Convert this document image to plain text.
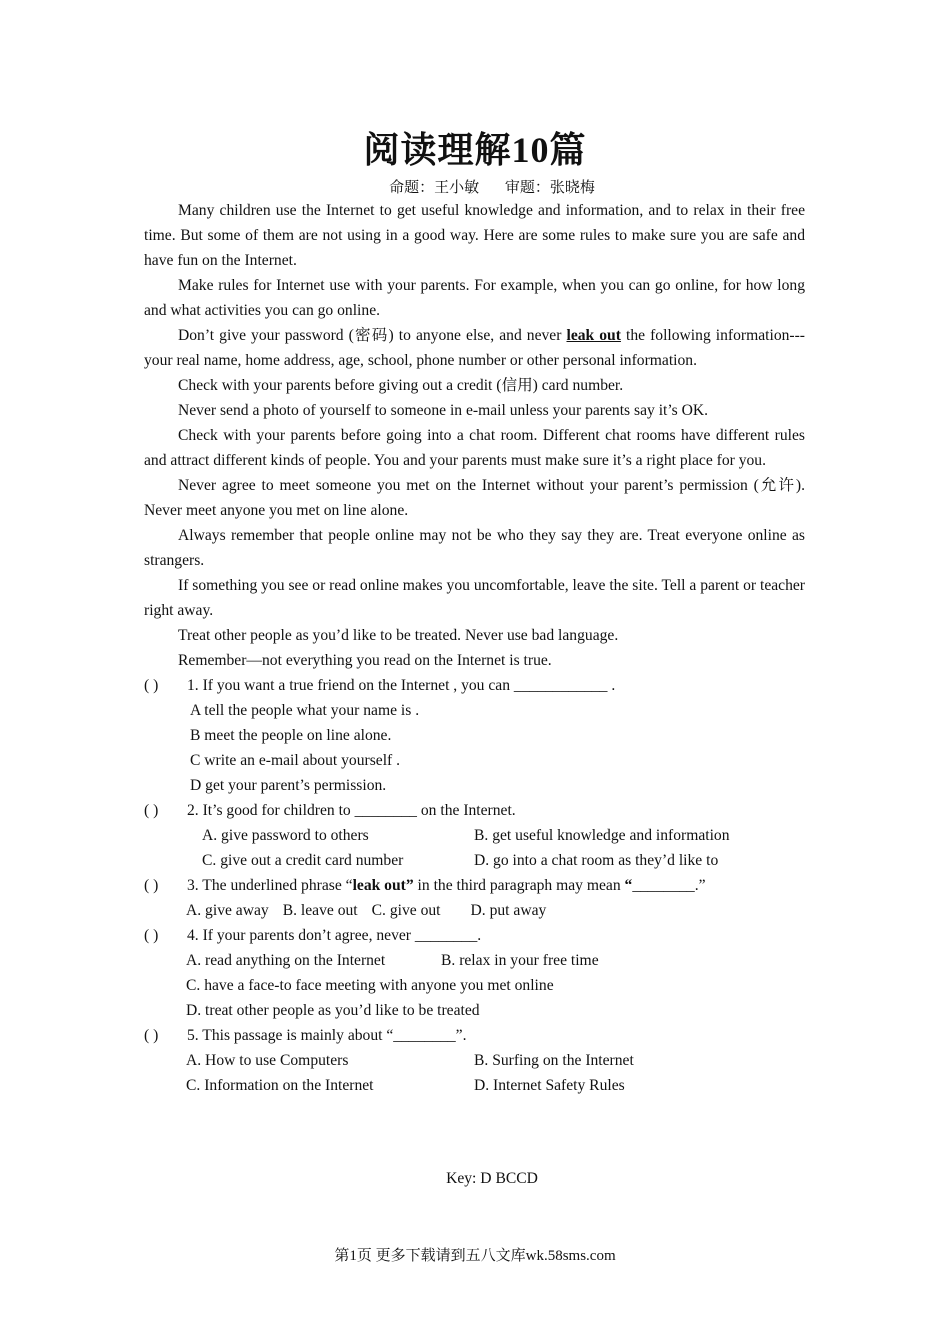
阅读理解10篇
命题：王小敏 审题：张晓梅

Many children use the Internet to get useful knowledge and information, and to relax in their free time. But some of them are not using in a good way. Here are some rules to make sure you are safe and have fun on the Internet.

Make rules for Internet use with your parents. For example, when you can go online, for how long and what activities you can go online.

Don’t give your password (密码) to anyone else, and never leak out the following information---your real name, home address, age, school, phone number or other personal information.

Check with your parents before giving out a credit (信用) card number.

Never send a photo of yourself to someone in e-mail unless your parents say it’s OK.

Check with your parents before going into a chat room. Different chat rooms have different rules and attract different kinds of people. You and your parents must make sure it’s a right place for you.

Never agree to meet someone you met on the Internet without your parent’s permission (允许). Never meet anyone you met on line alone.

Always remember that people online may not be who they say they are. Treat everyone online as strangers.

If something you see or read online makes you uncomfortable, leave the site. Tell a parent or teacher right away.

Treat other people as you’d like to be treated. Never use bad language.

Remember—not everything you read on the Internet is true.

( ) 1. If you want a true friend on the Internet , you can ____________ .

A tell the people what your name is .

B meet the people on line alone.

C write an e-mail about yourself .

D get your parent’s permission.

( ) 2. It’s good for children to ________ on the Internet.

A. give password to others	B. get useful knowledge and information

C. give out a credit card number	D. go into a chat room as they’d like to

( ) 3. The underlined phrase “leak out” in the third paragraph may mean “________.”

A. give away B. leave out C. give out D. put away

( ) 4. If your parents don’t agree, never ________.

A. read anything on the Internet	B. relax in your free time

C. have a face-to face meeting with anyone you met online

D. treat other people as you’d like to be treated

( ) 5. This passage is mainly about “________”.

A. How to use Computers	B. Surfing on the Internet

C. Information on the Internet	D. Internet Safety Rules

Key: D BCCD
第1页 更多下载请到五八文库wk.58sms.com
